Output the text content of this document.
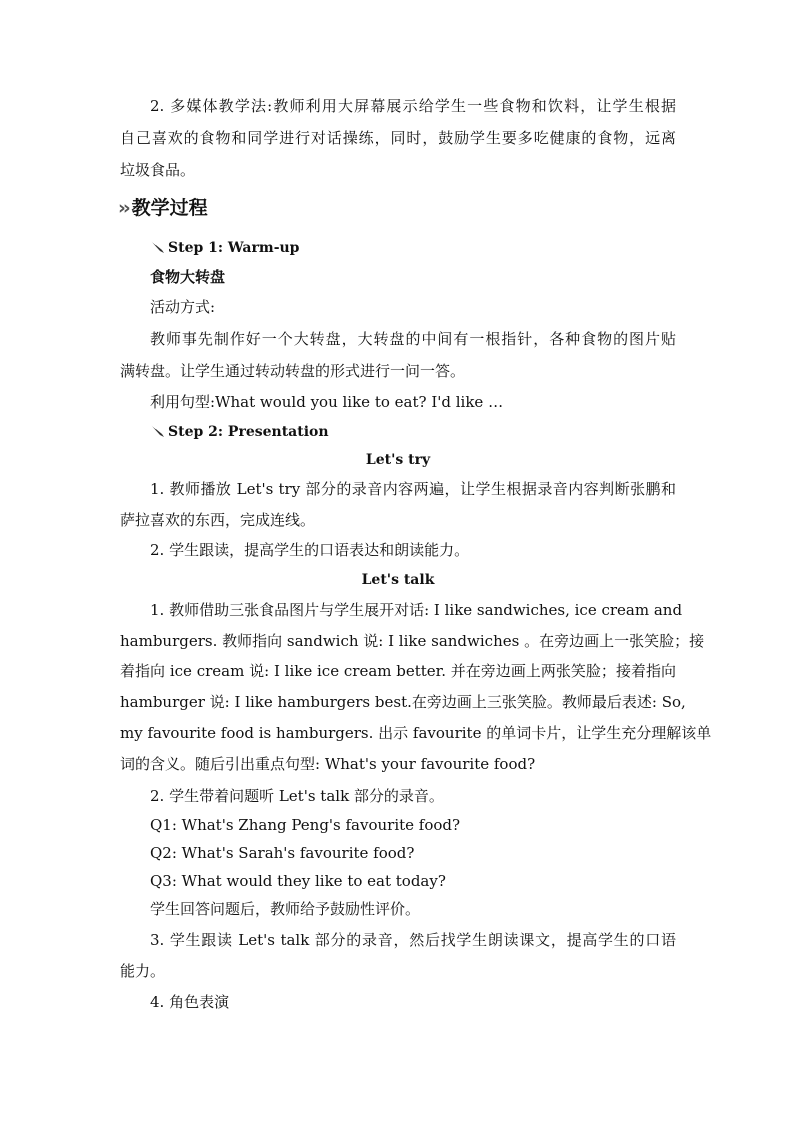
2. 多媒体教学法:教师利用大屏幕展示给学生一些食物和饮料，让学生根据
自己喜欢的食物和同学进行对话操练，同时，鼓励学生要多吃健康的食物，远离
垃圾食品。
›› 教学过程
Step 1: Warm-up
食物大转盘
活动方式:
教师事先制作好一个大转盘，大转盘的中间有一根指针，各种食物的图片贴
满转盘。让学生通过转动转盘的形式进行一问一答。
利用句型:What would you like to eat? I'd like …
Step 2: Presentation
Let's try
1. 教师播放 Let's try 部分的录音内容两遍，让学生根据录音内容判断张鹏和
萨拉喜欢的东西，完成连线。
2. 学生跟读，提高学生的口语表达和朗读能力。
Let's talk
1. 教师借助三张食品图片与学生展开对话: I like sandwiches, ice cream and
hamburgers. 教师指向 sandwich 说: I like sandwiches 。在旁边画上一张笑脸；接
着指向 ice cream 说: I like ice cream better. 并在旁边画上两张笑脸；接着指向
hamburger 说: I like hamburgers best.在旁边画上三张笑脸。教师最后表述: So,
my favourite food is hamburgers. 出示 favourite 的单词卡片，让学生充分理解该单
词的含义。随后引出重点句型: What's your favourite food?
2. 学生带着问题听 Let's talk 部分的录音。
Q1: What's Zhang Peng's favourite food?
Q2: What's Sarah's favourite food?
Q3: What would they like to eat today?
学生回答问题后，教师给予鼓励性评价。
3. 学生跟读 Let's talk 部分的录音，然后找学生朗读课文，提高学生的口语
能力。
4. 角色表演
